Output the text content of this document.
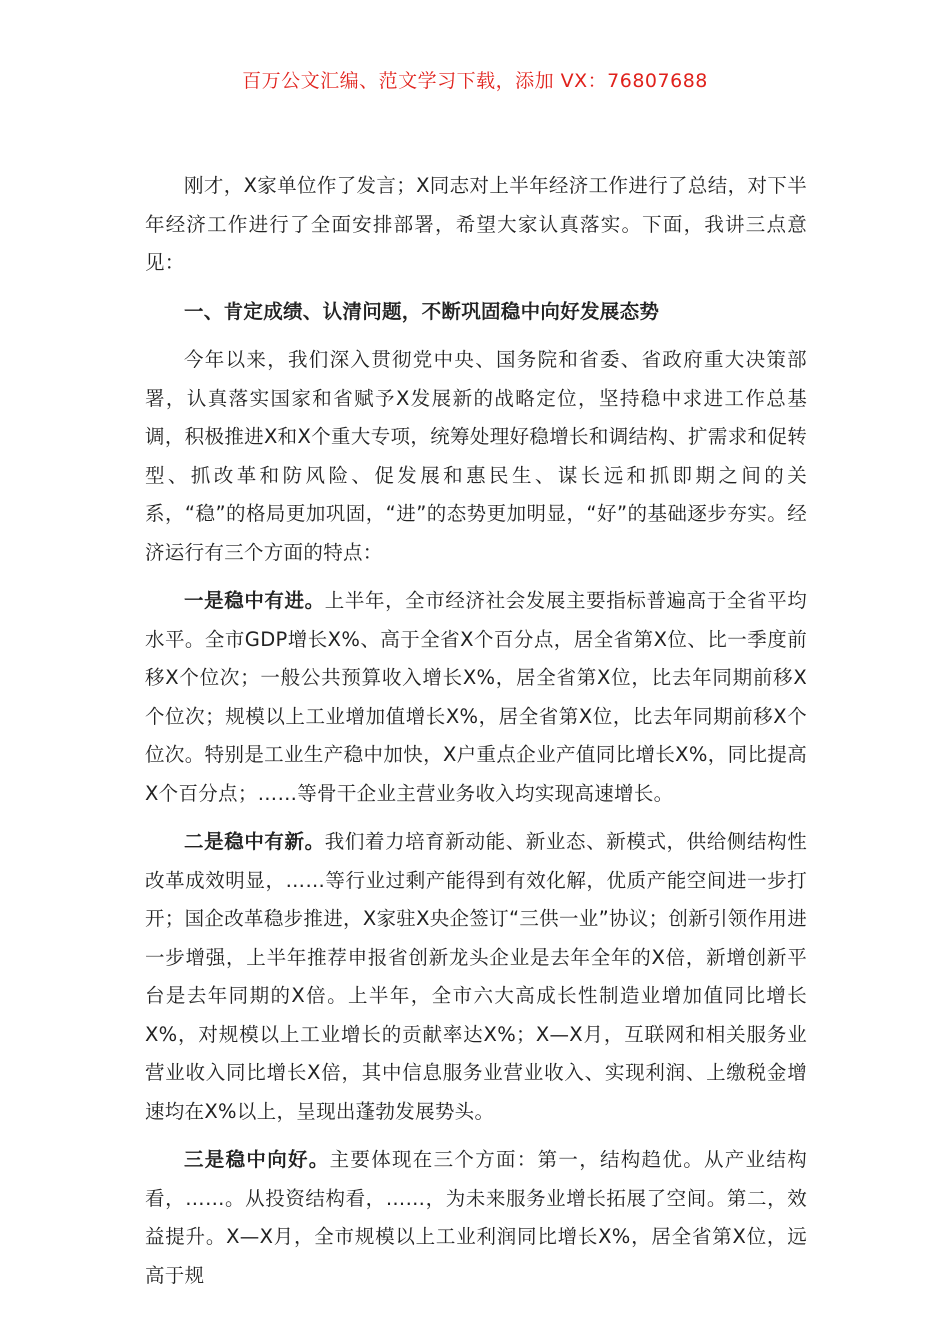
百万公文汇编、范文学习下载，添加 VX：76807688

刚才，X家单位作了发言；X同志对上半年经济工作进行了总结，对下半年经济工作进行了全面安排部署，希望大家认真落实。下面，我讲三点意见：

一、肯定成绩、认清问题，不断巩固稳中向好发展态势

今年以来，我们深入贯彻党中央、国务院和省委、省政府重大决策部署，认真落实国家和省赋予X发展新的战略定位，坚持稳中求进工作总基调，积极推进X和X个重大专项，统筹处理好稳增长和调结构、扩需求和促转型、抓改革和防风险、促发展和惠民生、谋长远和抓即期之间的关系，“稳”的格局更加巩固，“进”的态势更加明显，“好”的基础逐步夯实。经济运行有三个方面的特点：

一是稳中有进。上半年，全市经济社会发展主要指标普遍高于全省平均水平。全市GDP增长X%、高于全省X个百分点，居全省第X位、比一季度前移X个位次；一般公共预算收入增长X%，居全省第X位，比去年同期前移X个位次；规模以上工业增加值增长X%，居全省第X位，比去年同期前移X个位次。特别是工业生产稳中加快，X户重点企业产值同比增长X%，同比提高X个百分点；……等骨干企业主营业务收入均实现高速增长。

二是稳中有新。我们着力培育新动能、新业态、新模式，供给侧结构性改革成效明显，……等行业过剩产能得到有效化解，优质产能空间进一步打开；国企改革稳步推进，X家驻X央企签订“三供一业”协议；创新引领作用进一步增强，上半年推荐申报省创新龙头企业是去年全年的X倍，新增创新平台是去年同期的X倍。上半年，全市六大高成长性制造业增加值同比增长X%，对规模以上工业增长的贡献率达X%；X—X月，互联网和相关服务业营业收入同比增长X倍，其中信息服务业营业收入、实现利润、上缴税金增速均在X%以上，呈现出蓬勃发展势头。

三是稳中向好。主要体现在三个方面：第一，结构趋优。从产业结构看，……。从投资结构看，……，为未来服务业增长拓展了空间。第二，效益提升。X—X月，全市规模以上工业利润同比增长X%，居全省第X位，远高于规
